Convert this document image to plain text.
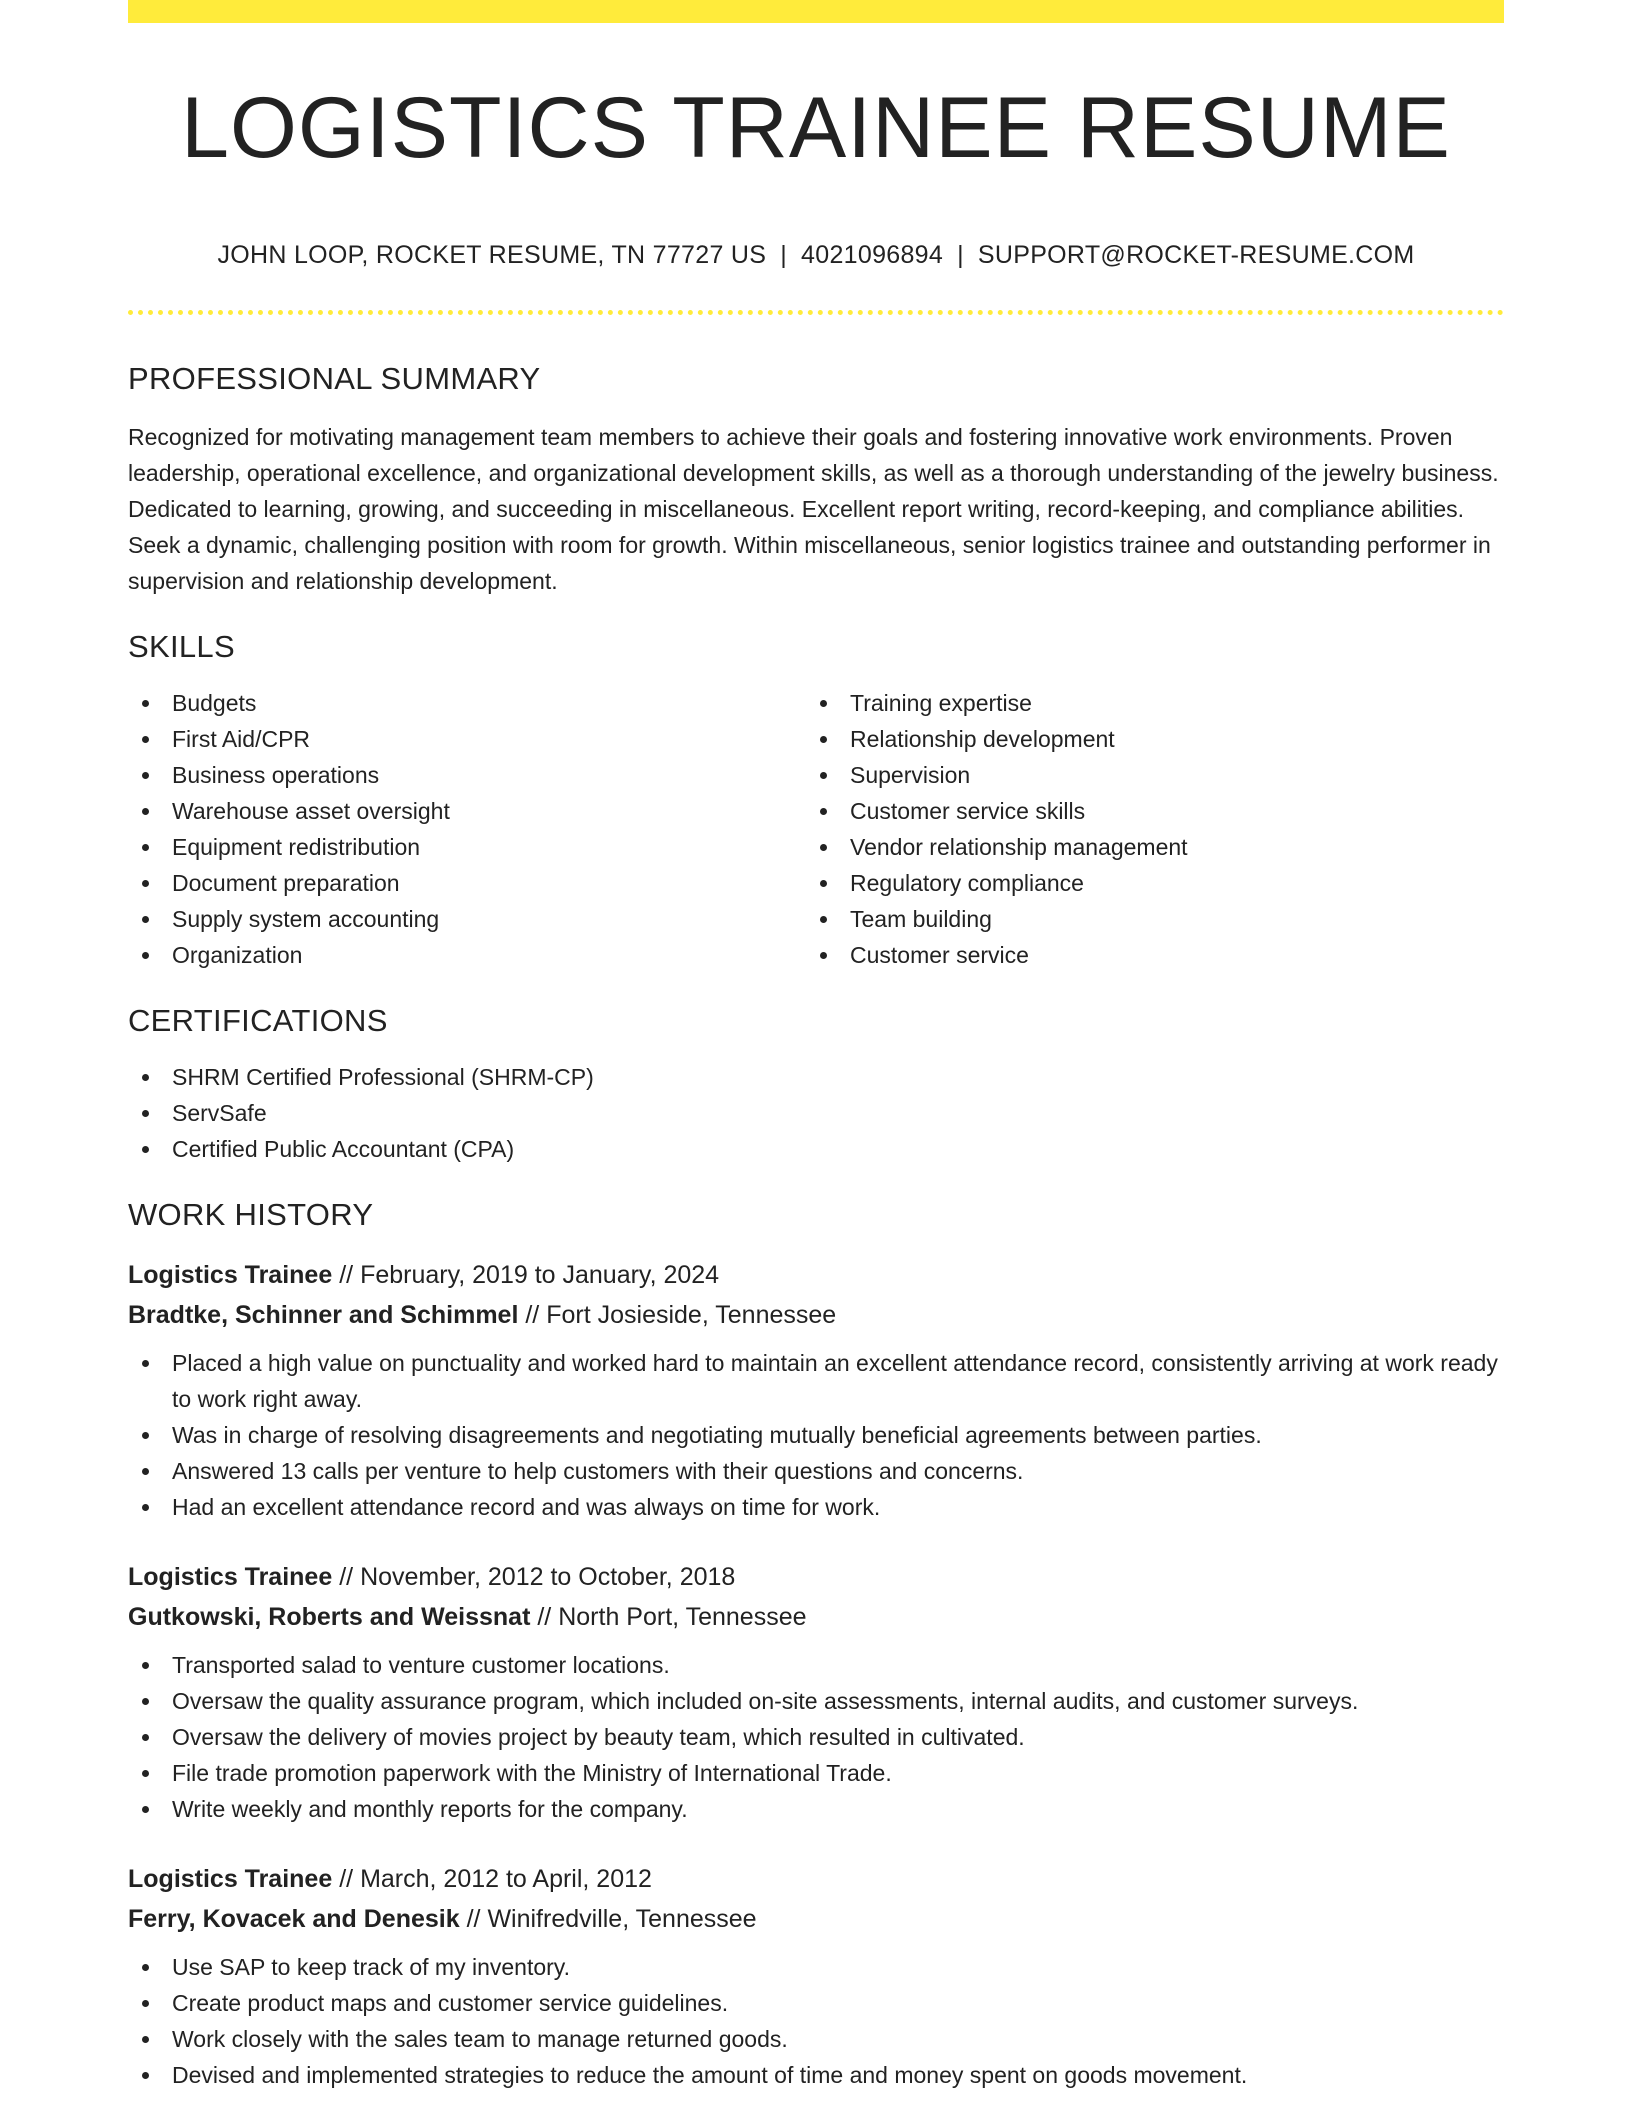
LOGISTICS TRAINEE RESUME
JOHN LOOP, ROCKET RESUME, TN 77727 US | 4021096894 | SUPPORT@ROCKET-RESUME.COM
PROFESSIONAL SUMMARY
Recognized for motivating management team members to achieve their goals and fostering innovative work environments. Proven leadership, operational excellence, and organizational development skills, as well as a thorough understanding of the jewelry business. Dedicated to learning, growing, and succeeding in miscellaneous. Excellent report writing, record-keeping, and compliance abilities. Seek a dynamic, challenging position with room for growth. Within miscellaneous, senior logistics trainee and outstanding performer in supervision and relationship development.
SKILLS
Budgets
First Aid/CPR
Business operations
Warehouse asset oversight
Equipment redistribution
Document preparation
Supply system accounting
Organization
Training expertise
Relationship development
Supervision
Customer service skills
Vendor relationship management
Regulatory compliance
Team building
Customer service
CERTIFICATIONS
SHRM Certified Professional (SHRM-CP)
ServSafe
Certified Public Accountant (CPA)
WORK HISTORY
Logistics Trainee // February, 2019 to January, 2024
Bradtke, Schinner and Schimmel // Fort Josieside, Tennessee
Placed a high value on punctuality and worked hard to maintain an excellent attendance record, consistently arriving at work ready to work right away.
Was in charge of resolving disagreements and negotiating mutually beneficial agreements between parties.
Answered 13 calls per venture to help customers with their questions and concerns.
Had an excellent attendance record and was always on time for work.
Logistics Trainee // November, 2012 to October, 2018
Gutkowski, Roberts and Weissnat // North Port, Tennessee
Transported salad to venture customer locations.
Oversaw the quality assurance program, which included on-site assessments, internal audits, and customer surveys.
Oversaw the delivery of movies project by beauty team, which resulted in cultivated.
File trade promotion paperwork with the Ministry of International Trade.
Write weekly and monthly reports for the company.
Logistics Trainee // March, 2012 to April, 2012
Ferry, Kovacek and Denesik // Winifredville, Tennessee
Use SAP to keep track of my inventory.
Create product maps and customer service guidelines.
Work closely with the sales team to manage returned goods.
Devised and implemented strategies to reduce the amount of time and money spent on goods movement.
